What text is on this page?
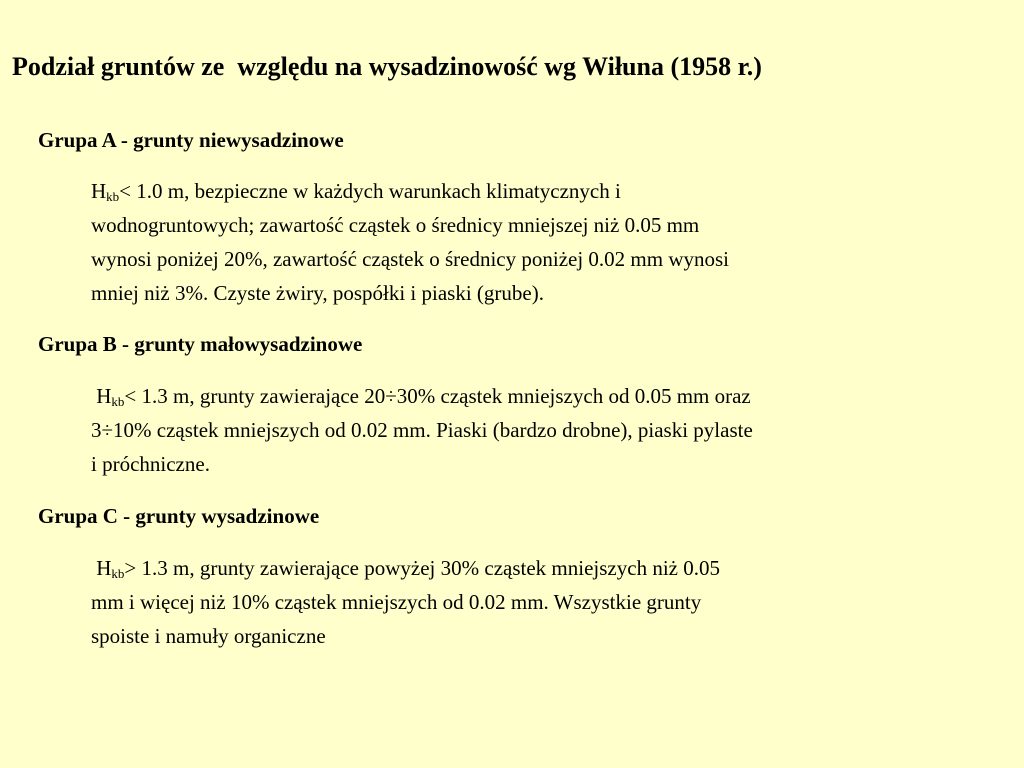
Podział gruntów ze  względu na wysadzinowość wg Wiłuna (1958 r.)
Grupa A - grunty niewysadzinowe
$H_{kb}< 1.0$ m, bezpieczne w każdych warunkach klimatycznych i
wodnogruntowych; zawartość cząstek o średnicy mniejszej niż 0.05 mm
wynosi poniżej 20%, zawartość cząstek o średnicy poniżej 0.02 mm wynosi
mniej niż 3%. Czyste żwiry, pospółki i piaski (grube).
Grupa B - grunty małowysadzinowe
$H_{kb}< 1.3$ m, grunty zawierające 20÷30% cząstek mniejszych od 0.05 mm oraz
3÷10% cząstek mniejszych od 0.02 mm. Piaski (bardzo drobne), piaski pylaste
i próchniczne.
Grupa C - grunty wysadzinowe
$H_{kb}> 1.3$ m, grunty zawierające powyżej 30% cząstek mniejszych niż 0.05
mm i więcej niż 10% cząstek mniejszych od 0.02 mm. Wszystkie grunty
spoiste i namuły organiczne
